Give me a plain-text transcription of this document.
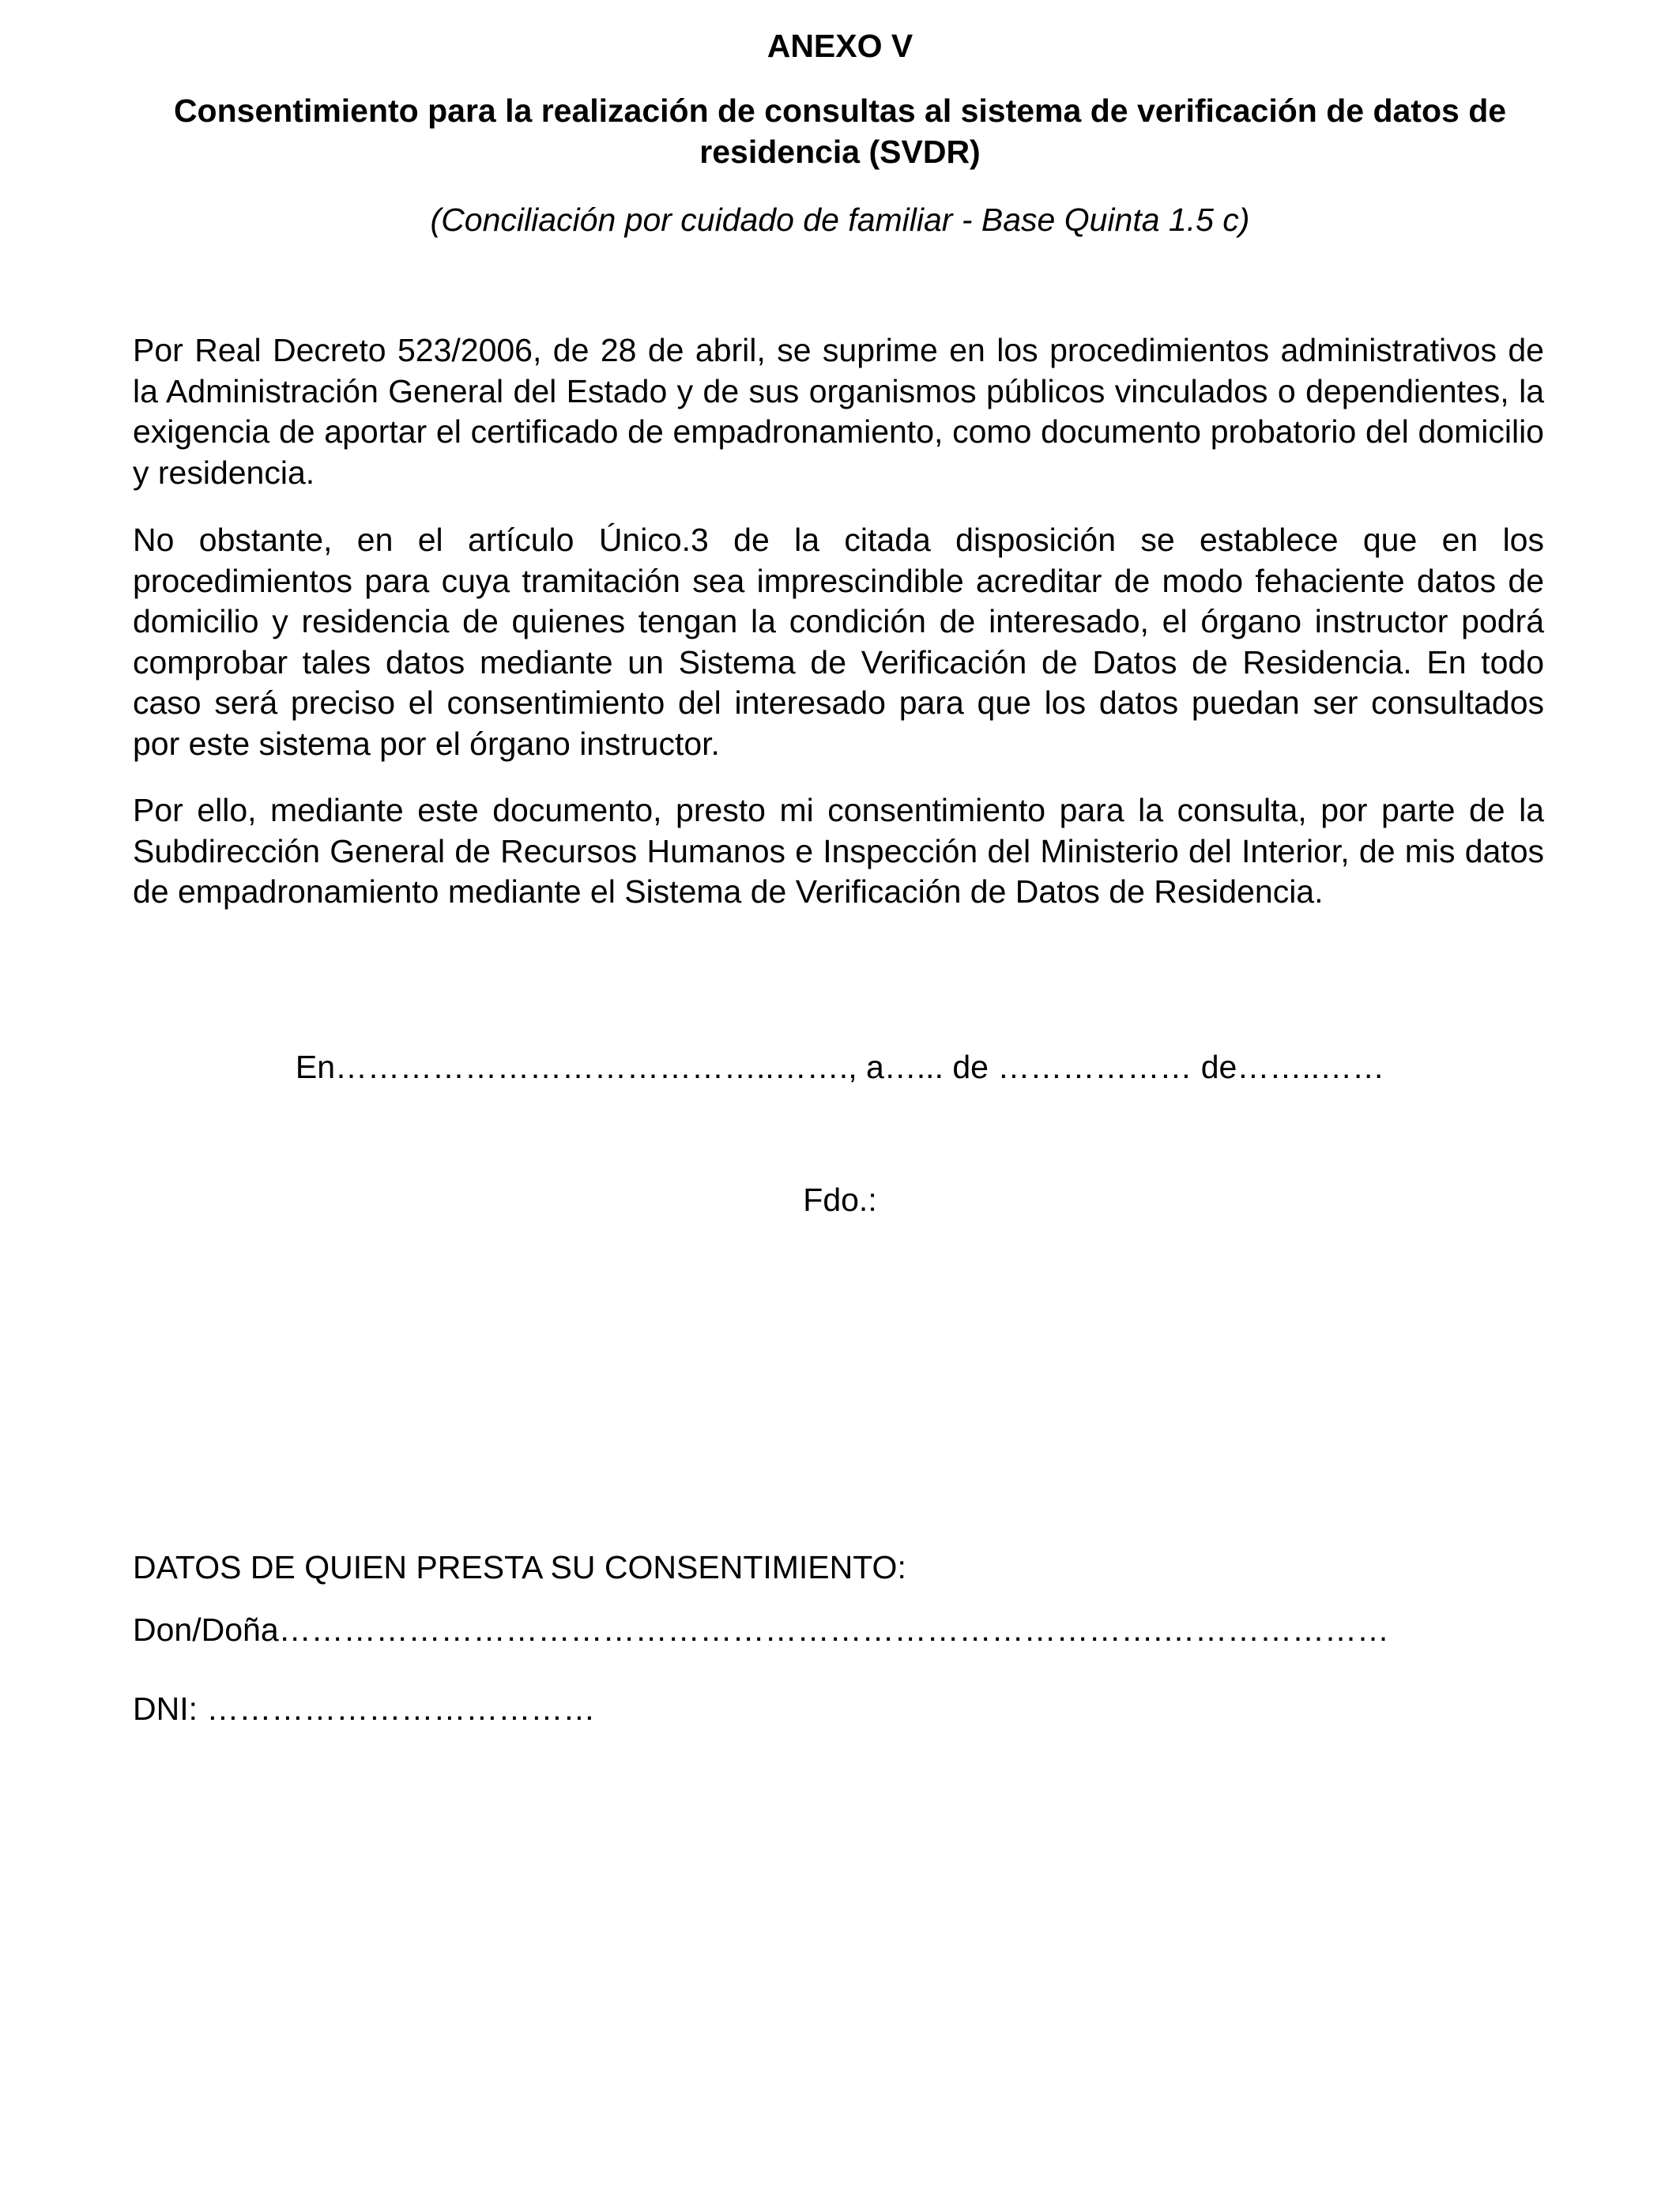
ANEXO V
Consentimiento para la realización de consultas al sistema de verificación de datos de residencia (SVDR)
(Conciliación por cuidado de familiar - Base Quinta 1.5 c)

Por Real Decreto 523/2006, de 28 de abril, se suprime en los procedimientos administrativos de la Administración General del Estado y de sus organismos públicos vinculados o dependientes, la exigencia de aportar el certificado de empadronamiento, como documento probatorio del domicilio y residencia.

No obstante, en el artículo Único.3 de la citada disposición se establece que en los procedimientos para cuya tramitación sea imprescindible acreditar de modo fehaciente datos de domicilio y residencia de quienes tengan la condición de interesado, el órgano instructor podrá comprobar tales datos mediante un Sistema de Verificación de Datos de Residencia. En todo caso será preciso el consentimiento del interesado para que los datos puedan ser consultados por este sistema por el órgano instructor.

Por ello, mediante este documento, presto mi consentimiento para la consulta, por parte de la Subdirección General de Recursos Humanos e Inspección del Ministerio del Interior, de mis datos de empadronamiento mediante el Sistema de Verificación de Datos de Residencia.

En…………………………………..……., a…... de ……………… de……..……
Fdo.:
DATOS DE QUIEN PRESTA SU CONSENTIMIENTO:
Don/Doña……………………………………………………………………….…………………
DNI: ………………………………
